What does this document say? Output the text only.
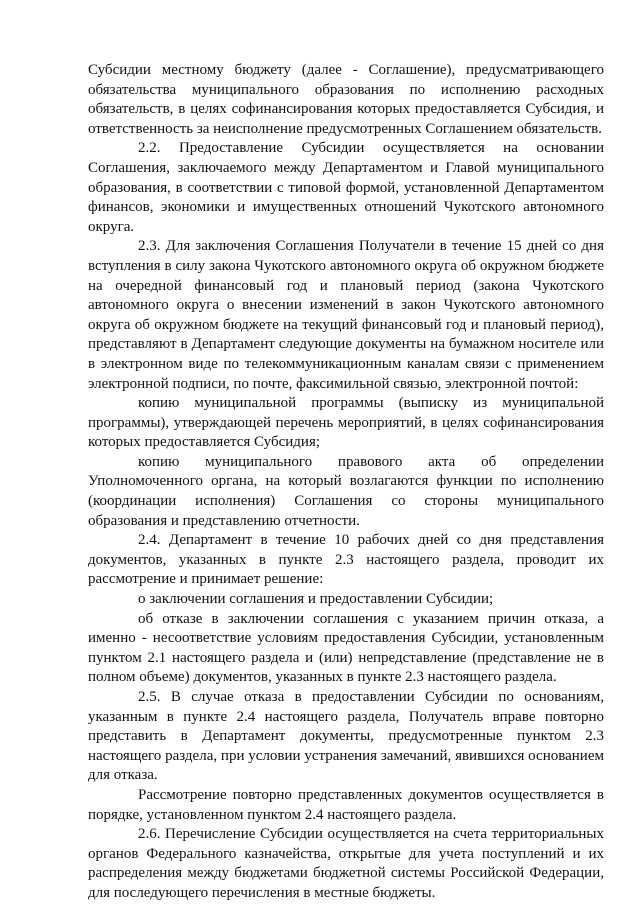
Субсидии местному бюджету (далее - Соглашение), предусматривающего обязательства муниципального образования по исполнению расходных обязательств, в целях софинансирования которых предоставляется Субсидия, и ответственность за неисполнение предусмотренных Соглашением обязательств.

2.2. Предоставление Субсидии осуществляется на основании Соглашения, заключаемого между Департаментом и Главой муниципального образования, в соответствии с типовой формой, установленной Департаментом финансов, экономики и имущественных отношений Чукотского автономного округа.

2.3. Для заключения Соглашения Получатели в течение 15 дней со дня вступления в силу закона Чукотского автономного округа об окружном бюджете на очередной финансовый год и плановый период (закона Чукотского автономного округа о внесении изменений в закон Чукотского автономного округа об окружном бюджете на текущий финансовый год и плановый период), представляют в Департамент следующие документы на бумажном носителе или в электронном виде по телекоммуникационным каналам связи с применением электронной подписи, по почте, факсимильной связью, электронной почтой:

копию муниципальной программы (выписку из муниципальной программы), утверждающей перечень мероприятий, в целях софинансирования которых предоставляется Субсидия;

копию муниципального правового акта об определении Уполномоченного органа, на который возлагаются функции по исполнению (координации исполнения) Соглашения со стороны муниципального образования и представлению отчетности.

2.4. Департамент в течение 10 рабочих дней со дня представления документов, указанных в пункте 2.3 настоящего раздела, проводит их рассмотрение и принимает решение:

о заключении соглашения и предоставлении Субсидии;

об отказе в заключении соглашения с указанием причин отказа, а именно - несоответствие условиям предоставления Субсидии, установленным пунктом 2.1 настоящего раздела и (или) непредставление (представление не в полном объеме) документов, указанных в пункте 2.3 настоящего раздела.

2.5. В случае отказа в предоставлении Субсидии по основаниям, указанным в пункте 2.4 настоящего раздела, Получатель вправе повторно представить в Департамент документы, предусмотренные пунктом 2.3 настоящего раздела, при условии устранения замечаний, явившихся основанием для отказа.

Рассмотрение повторно представленных документов осуществляется в порядке, установленном пунктом 2.4 настоящего раздела.

2.6. Перечисление Субсидии осуществляется на счета территориальных органов Федерального казначейства, открытые для учета поступлений и их распределения между бюджетами бюджетной системы Российской Федерации, для последующего перечисления в местные бюджеты.
